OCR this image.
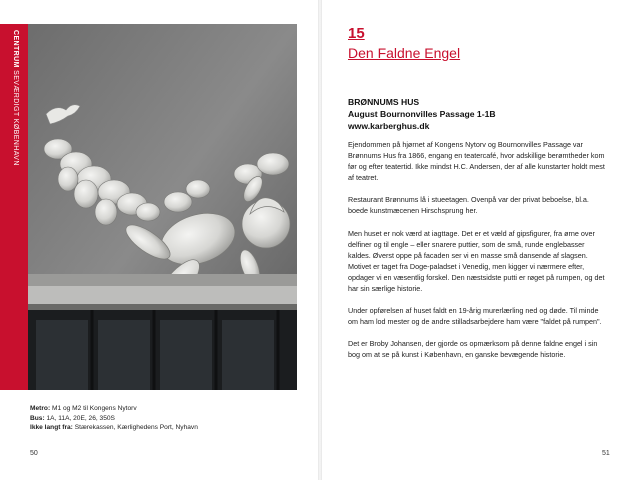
CENTRUM SEVÆRDIGT KØBENHAVN
Metro: M1 og M2 til Kongens Nytorv
Bus: 1A, 11A, 20E, 26, 350S
Ikke langt fra: Stærekassen, Kærlighedens Port, Nyhavn
50
15
Den Faldne Engel
BRØNNUMS HUS
August Bournonvilles Passage 1-1B
www.karberghus.dk

Ejendommen på hjørnet af Kongens Nytorv og Bournonvilles Passage var Brønnums Hus fra 1866, engang en teatercafé, hvor adskillige berømtheder kom før og efter teatertid. Ikke mindst H.C. Andersen, der af alle kunstarter holdt mest af teatret.

Restaurant Brønnums lå i stueetagen. Ovenpå var der privat beboelse, bl.a. boede kunstmæcenen Hirschsprung her.

Men huset er nok værd at iagttage. Det er et væld af gipsfigurer, fra ørne over delfiner og til engle – eller snarere puttier, som de små, runde englebasser kaldes. Øverst oppe på facaden ser vi en masse små dansende af slagsen. Motivet er taget fra Doge-paladset i Venedig, men kigger vi nærmere efter, opdager vi en væsentlig forskel. Den næstsidste putti er røget på rumpen, og det har sin særlige historie.

Under opførelsen af huset faldt en 19-årig murerlærling ned og døde. Til minde om ham lod mester og de andre stilladsarbejdere ham være "faldet på rumpen".

Det er Broby Johansen, der gjorde os opmærksom på denne faldne engel i sin bog om at se på kunst i København, en ganske bevægende historie.

51
